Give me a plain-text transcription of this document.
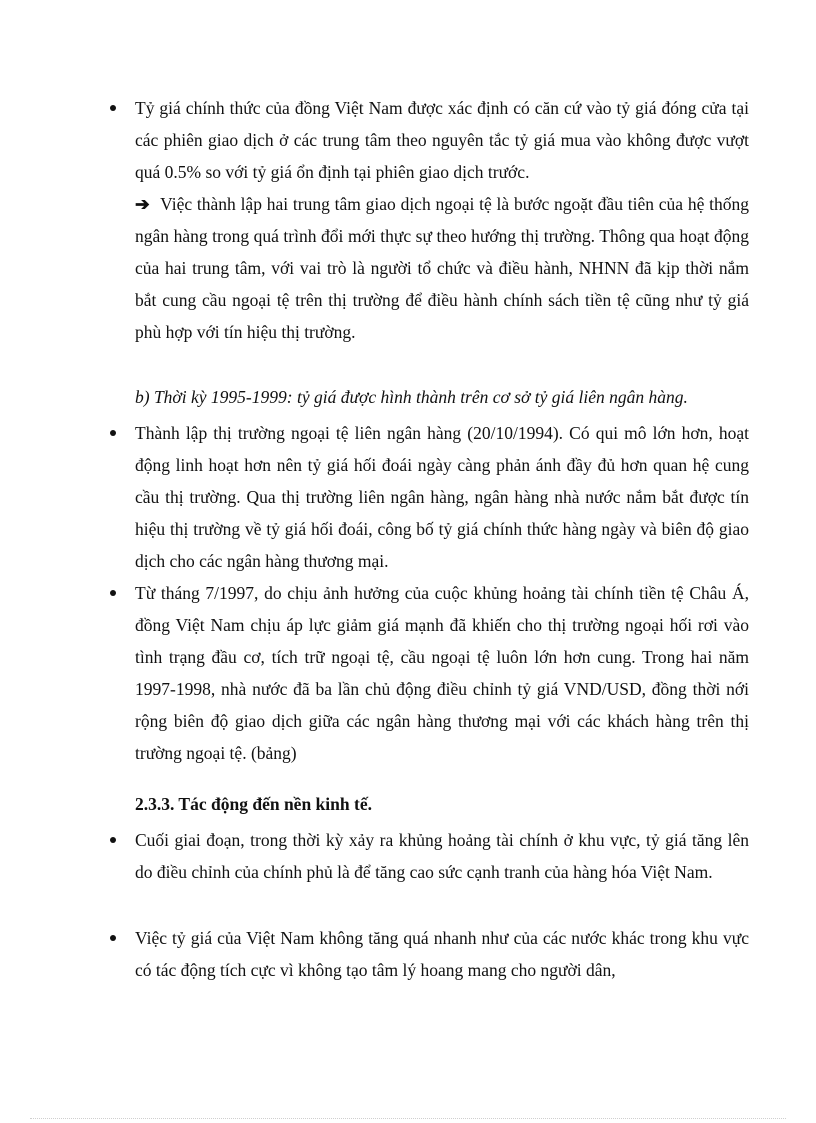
Tỷ giá chính thức của đồng Việt Nam được xác định có căn cứ vào tỷ giá đóng cửa tại các phiên giao dịch ở các trung tâm theo nguyên tắc tỷ giá mua vào không được vượt quá 0.5% so với tỷ giá ổn định tại phiên giao dịch trước.
➔ Việc thành lập hai trung tâm giao dịch ngoại tệ là bước ngoặt đầu tiên của hệ thống ngân hàng trong quá trình đổi mới thực sự theo hướng thị trường. Thông qua hoạt động của hai trung tâm, với vai trò là người tổ chức và điều hành, NHNN đã kịp thời nắm bắt cung cầu ngoại tệ trên thị trường để điều hành chính sách tiền tệ cũng như tỷ giá phù hợp với tín hiệu thị trường.
b) Thời kỳ 1995-1999: tỷ giá được hình thành trên cơ sở tỷ giá liên ngân hàng.
Thành lập thị trường ngoại tệ liên ngân hàng (20/10/1994). Có qui mô lớn hơn, hoạt động linh hoạt hơn nên tỷ giá hối đoái ngày càng phản ánh đầy đủ hơn quan hệ cung cầu thị trường. Qua thị trường liên ngân hàng, ngân hàng nhà nước nắm bắt được tín hiệu thị trường về tỷ giá hối đoái, công bố tỷ giá chính thức hàng ngày và biên độ giao dịch cho các ngân hàng thương mại.
Từ tháng 7/1997, do chịu ảnh hưởng của cuộc khủng hoảng tài chính tiền tệ Châu Á, đồng Việt Nam chịu áp lực giảm giá mạnh đã khiến cho thị trường ngoại hối rơi vào tình trạng đầu cơ, tích trữ ngoại tệ, cầu ngoại tệ luôn lớn hơn cung. Trong hai năm 1997-1998, nhà nước đã ba lần chủ động điều chỉnh tỷ giá VND/USD, đồng thời nới rộng biên độ giao dịch giữa các ngân hàng thương mại với các khách hàng trên thị trường ngoại tệ. (bảng)
2.3.3. Tác động đến nền kinh tế.
Cuối giai đoạn, trong thời kỳ xảy ra khủng hoảng tài chính ở khu vực, tỷ giá tăng lên do điều chỉnh của chính phủ là để tăng cao sức cạnh tranh của hàng hóa Việt Nam.
Việc tỷ giá của Việt Nam không tăng quá nhanh như của các nước khác trong khu vực có tác động tích cực vì không tạo tâm lý hoang mang cho người dân,
